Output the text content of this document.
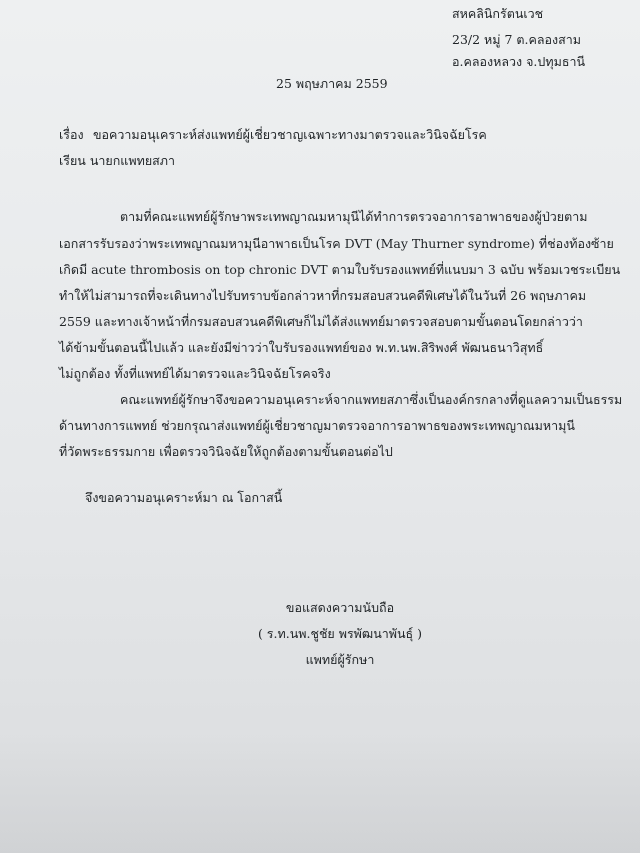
สหคลินิกรัตนเวช
23/2 หมู่ 7 ต.คลองสาม
อ.คลองหลวง จ.ปทุมธานี
25 พฤษภาคม 2559
เรื่อง ขอความอนุเคราะห์ส่งแพทย์ผู้เชี่ยวชาญเฉพาะทางมาตรวจและวินิจฉัยโรค
เรียน นายกแพทยสภา
ตามที่คณะแพทย์ผู้รักษาพระเทพญาณมหามุนีได้ทำการตรวจอาการอาพาธของผู้ป่วยตาม
เอกสารรับรองว่าพระเทพญาณมหามุนีอาพาธเป็นโรค DVT (May Thurner syndrome) ที่ช่องท้องซ้าย
เกิดมี acute thrombosis on top chronic DVT ตามใบรับรองแพทย์ที่แนบมา 3 ฉบับ พร้อมเวชระเบียน
ทำให้ไม่สามารถที่จะเดินทางไปรับทราบข้อกล่าวหาที่กรมสอบสวนคดีพิเศษได้ในวันที่ 26 พฤษภาคม
2559 และทางเจ้าหน้าที่กรมสอบสวนคดีพิเศษก็ไม่ได้ส่งแพทย์มาตรวจสอบตามขั้นตอนโดยกล่าวว่า
ได้ข้ามขั้นตอนนี้ไปแล้ว และยังมีข่าวว่าใบรับรองแพทย์ของ พ.ท.นพ.สิริพงศ์ พัฒนธนาวิสุทธิ์
ไม่ถูกต้อง ทั้งที่แพทย์ได้มาตรวจและวินิจฉัยโรคจริง
คณะแพทย์ผู้รักษาจึงขอความอนุเคราะห์จากแพทยสภาซึ่งเป็นองค์กรกลางที่ดูแลความเป็นธรรม
ด้านทางการแพทย์ ช่วยกรุณาส่งแพทย์ผู้เชี่ยวชาญมาตรวจอาการอาพาธของพระเทพญาณมหามุนี
ที่วัดพระธรรมกาย เพื่อตรวจวินิจฉัยให้ถูกต้องตามขั้นตอนต่อไป
จึงขอความอนุเคราะห์มา ณ โอกาสนี้
ขอแสดงความนับถือ
( ร.ท.นพ.ชูชัย พรพัฒนาพันธุ์ )
แพทย์ผู้รักษา
